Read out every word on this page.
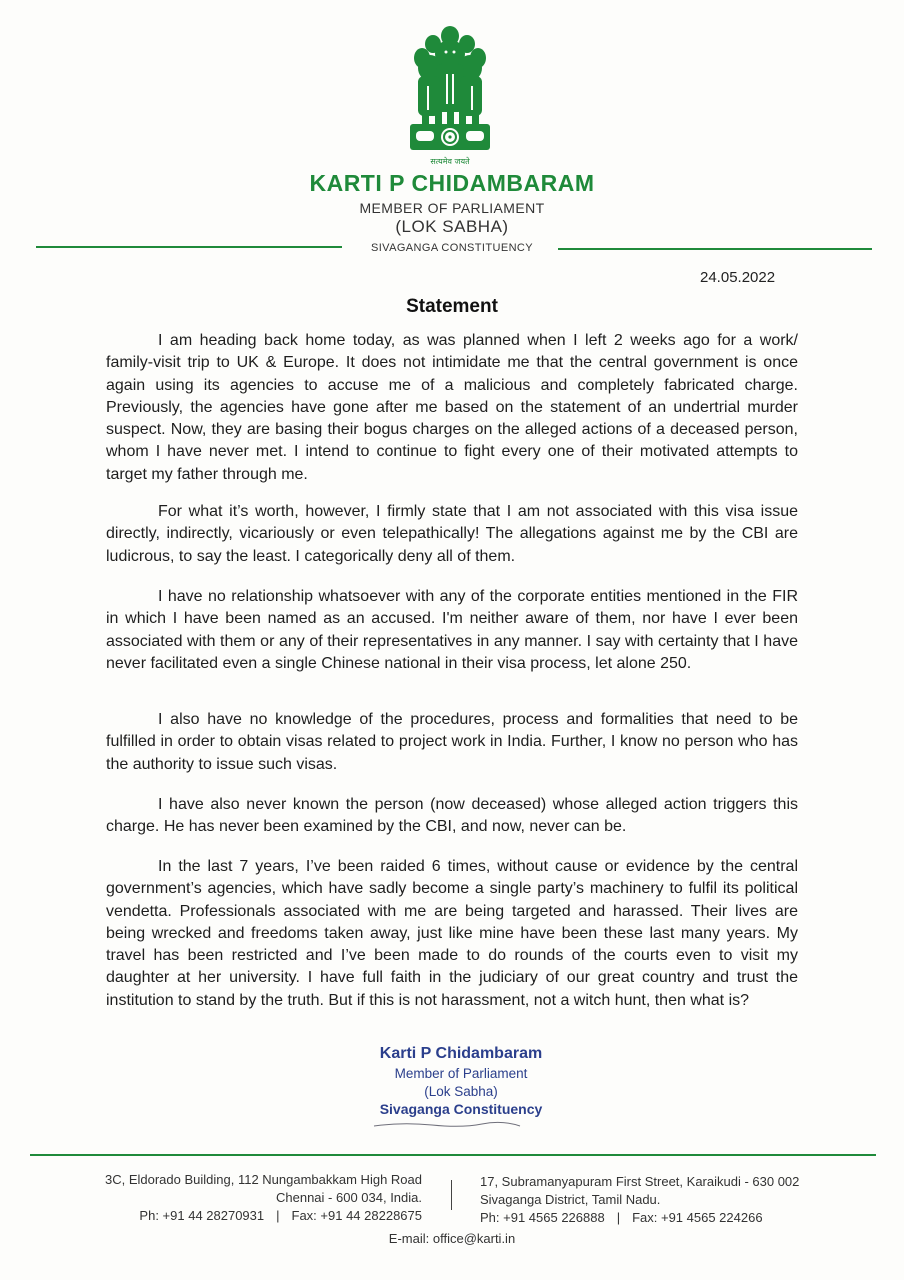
सत्यमेव जयते
KARTI P CHIDAMBARAM
MEMBER OF PARLIAMENT
(LOK SABHA)
SIVAGANGA CONSTITUENCY
24.05.2022
Statement

I am heading back home today, as was planned when I left 2 weeks ago for a work/ family-visit trip to UK & Europe. It does not intimidate me that the central government is once again using its agencies to accuse me of a malicious and completely fabricated charge. Previously, the agencies have gone after me based on the statement of an undertrial murder suspect. Now, they are basing their bogus charges on the alleged actions of a deceased person, whom I have never met. I intend to continue to fight every one of their motivated attempts to target my father through me.

For what it’s worth, however, I firmly state that I am not associated with this visa issue directly, indirectly, vicariously or even telepathically! The allegations against me by the CBI are ludicrous, to say the least. I categorically deny all of them.

I have no relationship whatsoever with any of the corporate entities mentioned in the FIR in which I have been named as an accused. I'm neither aware of them, nor have I ever been associated with them or any of their representatives in any manner. I say with certainty that I have never facilitated even a single Chinese national in their visa process, let alone 250.

I also have no knowledge of the procedures, process and formalities that need to be fulfilled in order to obtain visas related to project work in India. Further, I know no person who has the authority to issue such visas.

I have also never known the person (now deceased) whose alleged action triggers this charge. He has never been examined by the CBI, and now, never can be.

In the last 7 years, I’ve been raided 6 times, without cause or evidence by the central government’s agencies, which have sadly become a single party’s machinery to fulfil its political vendetta. Professionals associated with me are being targeted and harassed. Their lives are being wrecked and freedoms taken away, just like mine have been these last many years. My travel has been restricted and I’ve been made to do rounds of the courts even to visit my daughter at her university. I have full faith in the judiciary of our great country and trust the institution to stand by the truth. But if this is not harassment, not a witch hunt, then what is?

Karti P Chidambaram
Member of Parliament
(Lok Sabha)
Sivaganga Constituency
3C, Eldorado Building, 112 Nungambakkam High Road
Chennai - 600 034, India.
Ph: +91 44 28270931 | Fax: +91 44 28228675
17, Subramanyapuram First Street, Karaikudi - 630 002
Sivaganga District, Tamil Nadu.
Ph: +91 4565 226888 | Fax: +91 4565 224266
E-mail: office@karti.in
